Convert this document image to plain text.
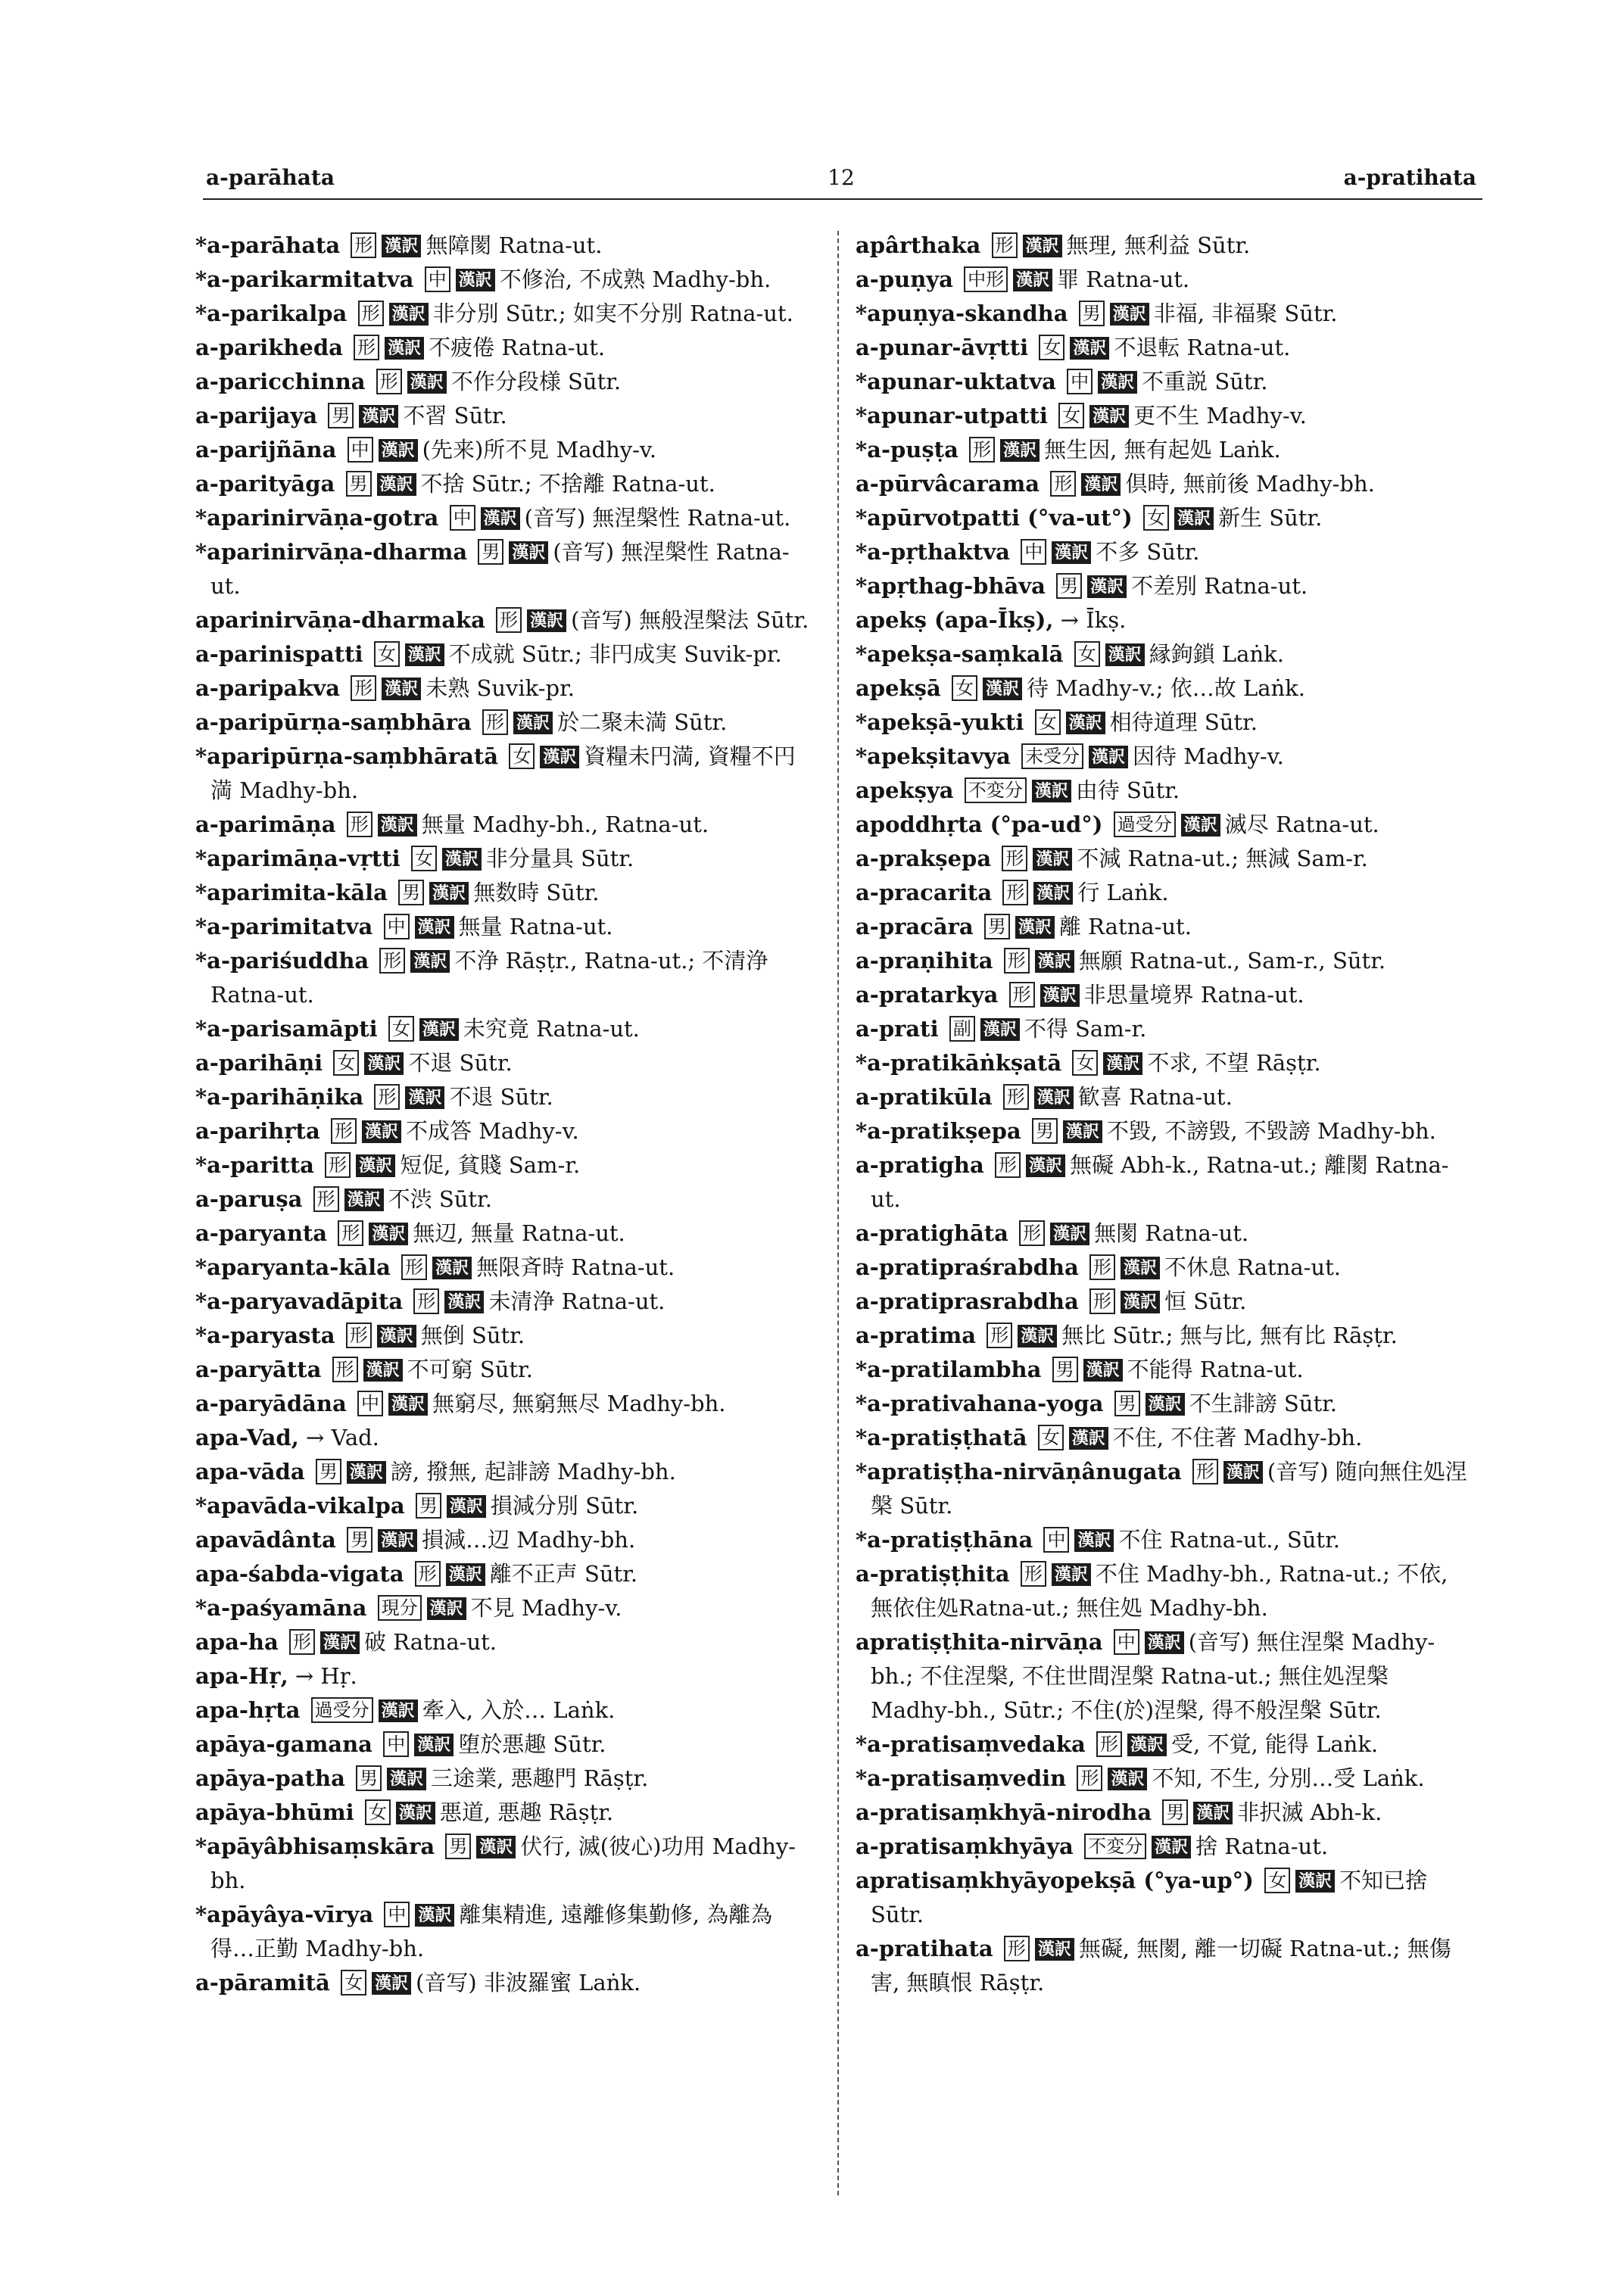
a-parāhata	12	a-pratihata
*a-parāhata 形 漢訳 無障閡 Ratna-ut.
*a-parikarmitatva 中 漢訳 不修治, 不成熟 Madhy-bh.
*a-parikalpa 形 漢訳 非分別 Sūtr.; 如実不分別 Ratna-ut.
a-parikheda 形 漢訳 不疲倦 Ratna-ut.
a-paricchinna 形 漢訳 不作分段様 Sūtr.
a-parijaya 男 漢訳 不習 Sūtr.
a-parijñāna 中 漢訳 (先来)所不見 Madhy-v.
a-parityāga 男 漢訳 不捨 Sūtr.; 不捨離 Ratna-ut.
*aparinirvāṇa-gotra 中 漢訳 (音写) 無涅槃性 Ratna-ut.
*aparinirvāṇa-dharma 男 漢訳 (音写) 無涅槃性 Ratna-ut.
aparinirvāṇa-dharmaka 形 漢訳 (音写) 無般涅槃法 Sūtr.
a-parinispatti 女 漢訳 不成就 Sūtr.; 非円成実 Suvik-pr.
a-paripakva 形 漢訳 未熟 Suvik-pr.
a-paripūrṇa-saṃbhāra 形 漢訳 於二聚未満 Sūtr.
*aparipūrṇa-saṃbhāratā 女 漢訳 資糧未円満, 資糧不円満 Madhy-bh.
a-parimāṇa 形 漢訳 無量 Madhy-bh., Ratna-ut.
*aparimāṇa-vṛtti 女 漢訳 非分量具 Sūtr.
*aparimita-kāla 男 漢訳 無数時 Sūtr.
*a-parimitatva 中 漢訳 無量 Ratna-ut.
*a-pariśuddha 形 漢訳 不浄 Rāṣṭr., Ratna-ut.; 不清浄 Ratna-ut.
*a-parisamāpti 女 漢訳 未究竟 Ratna-ut.
a-parihāṇi 女 漢訳 不退 Sūtr.
*a-parihāṇika 形 漢訳 不退 Sūtr.
a-parihṛta 形 漢訳 不成答 Madhy-v.
*a-paritta 形 漢訳 短促, 貧賤 Sam-r.
a-paruṣa 形 漢訳 不渋 Sūtr.
a-paryanta 形 漢訳 無辺, 無量 Ratna-ut.
*aparyanta-kāla 形 漢訳 無限斉時 Ratna-ut.
*a-paryavadāpita 形 漢訳 未清浄 Ratna-ut.
*a-paryasta 形 漢訳 無倒 Sūtr.
a-paryātta 形 漢訳 不可窮 Sūtr.
a-paryādāna 中 漢訳 無窮尽, 無窮無尽 Madhy-bh.
apa-Vad, → Vad.
apa-vāda 男 漢訳 謗, 撥無, 起誹謗 Madhy-bh.
*apavāda-vikalpa 男 漢訳 損減分別 Sūtr.
apavādânta 男 漢訳 損減…辺 Madhy-bh.
apa-śabda-vigata 形 漢訳 離不正声 Sūtr.
*a-paśyamāna 現分 漢訳 不見 Madhy-v.
apa-ha 形 漢訳 破 Ratna-ut.
apa-Hṛ, → Hṛ.
apa-hṛta 過受分 漢訳 牽入, 入於… Laṅk.
apāya-gamana 中 漢訳 堕於悪趣 Sūtr.
apāya-patha 男 漢訳 三途業, 悪趣門 Rāṣṭr.
apāya-bhūmi 女 漢訳 悪道, 悪趣 Rāṣṭr.
*apāyâbhisaṃskāra 男 漢訳 伏行, 滅(彼心)功用 Madhy-bh.
*apāyâya-vīrya 中 漢訳 離集精進, 遠離修集勤修, 為離為得…正勤 Madhy-bh.
a-pāramitā 女 漢訳 (音写) 非波羅蜜 Laṅk.
apârthaka 形 漢訳 無理, 無利益 Sūtr.
a-puṇya 中形 漢訳 罪 Ratna-ut.
*apuṇya-skandha 男 漢訳 非福, 非福聚 Sūtr.
a-punar-āvṛtti 女 漢訳 不退転 Ratna-ut.
*apunar-uktatva 中 漢訳 不重説 Sūtr.
*apunar-utpatti 女 漢訳 更不生 Madhy-v.
*a-puṣṭa 形 漢訳 無生因, 無有起処 Laṅk.
a-pūrvâcarama 形 漢訳 倶時, 無前後 Madhy-bh.
*apūrvotpatti (°va-ut°) 女 漢訳 新生 Sūtr.
*a-pṛthaktva 中 漢訳 不多 Sūtr.
*apṛthag-bhāva 男 漢訳 不差別 Ratna-ut.
apekṣ (apa-Īkṣ), → Īkṣ.
*apekṣa-saṃkalā 女 漢訳 縁鉤鎖 Laṅk.
apekṣā 女 漢訳 待 Madhy-v.; 依…故 Laṅk.
*apekṣā-yukti 女 漢訳 相待道理 Sūtr.
*apekṣitavya 未受分 漢訳 因待 Madhy-v.
apekṣya 不変分 漢訳 由待 Sūtr.
apoddhṛta (°pa-ud°) 過受分 漢訳 滅尽 Ratna-ut.
a-prakṣepa 形 漢訳 不減 Ratna-ut.; 無減 Sam-r.
a-pracarita 形 漢訳 行 Laṅk.
a-pracāra 男 漢訳 離 Ratna-ut.
a-praṇihita 形 漢訳 無願 Ratna-ut., Sam-r., Sūtr.
a-pratarkya 形 漢訳 非思量境界 Ratna-ut.
a-prati 副 漢訳 不得 Sam-r.
*a-pratikāṅkṣatā 女 漢訳 不求, 不望 Rāṣṭr.
a-pratikūla 形 漢訳 歓喜 Ratna-ut.
*a-pratikṣepa 男 漢訳 不毀, 不謗毀, 不毀謗 Madhy-bh.
a-pratigha 形 漢訳 無礙 Abh-k., Ratna-ut.; 離閡 Ratna-ut.
a-pratighāta 形 漢訳 無閡 Ratna-ut.
a-pratipraśrabdha 形 漢訳 不休息 Ratna-ut.
a-pratiprasrabdha 形 漢訳 恒 Sūtr.
a-pratima 形 漢訳 無比 Sūtr.; 無与比, 無有比 Rāṣṭr.
*a-pratilambha 男 漢訳 不能得 Ratna-ut.
*a-prativahana-yoga 男 漢訳 不生誹謗 Sūtr.
*a-pratiṣṭhatā 女 漢訳 不住, 不住著 Madhy-bh.
*apratiṣṭha-nirvāṇânugata 形 漢訳 (音写) 随向無住処涅槃 Sūtr.
*a-pratiṣṭhāna 中 漢訳 不住 Ratna-ut., Sūtr.
a-pratiṣṭhita 形 漢訳 不住 Madhy-bh., Ratna-ut.; 不依, 無依住処Ratna-ut.; 無住処 Madhy-bh.
apratiṣṭhita-nirvāṇa 中 漢訳 (音写) 無住涅槃 Madhy-bh.; 不住涅槃, 不住世間涅槃 Ratna-ut.; 無住処涅槃 Madhy-bh., Sūtr.; 不住(於)涅槃, 得不般涅槃 Sūtr.
*a-pratisaṃvedaka 形 漢訳 受, 不覚, 能得 Laṅk.
*a-pratisaṃvedin 形 漢訳 不知, 不生, 分別…受 Laṅk.
a-pratisaṃkhyā-nirodha 男 漢訳 非択滅 Abh-k.
a-pratisaṃkhyāya 不変分 漢訳 捨 Ratna-ut.
apratisaṃkhyāyopekṣā (°ya-up°) 女 漢訳 不知已捨 Sūtr.
a-pratihata 形 漢訳 無礙, 無閡, 離一切礙 Ratna-ut.; 無傷害, 無瞋恨 Rāṣṭr.
